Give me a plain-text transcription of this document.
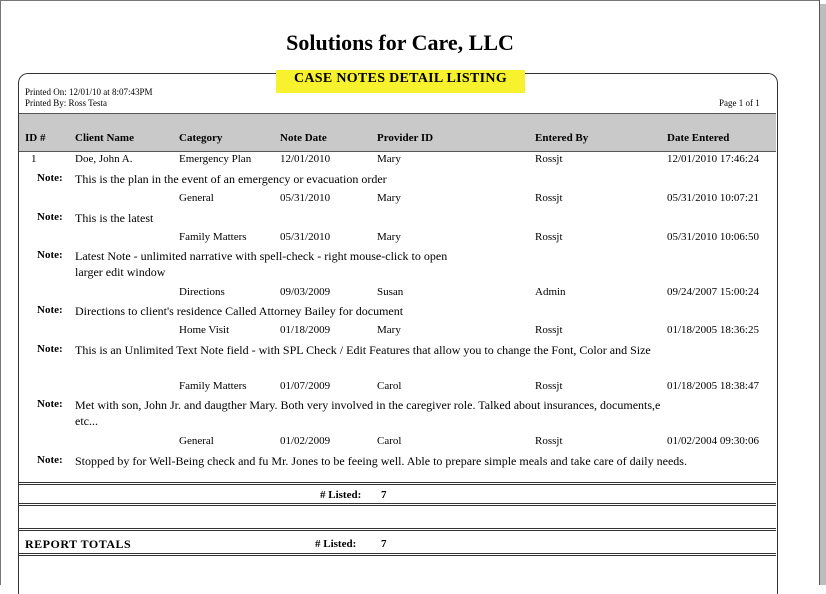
Solutions for Care, LLC
CASE NOTES DETAIL LISTING
Printed On: 12/01/10 at 8:07:43PM
Printed By: Ross Testa	Page 1 of 1
ID #	Client Name	Category	Note Date	Provider ID	Entered By	Date Entered
1	Doe, John A.	Emergency Plan	12/01/2010	Mary	Rossjt	12/01/2010 17:46:24
Note: This is the plan in the event of an emergency or evacuation order
General	05/31/2010	Mary	Rossjt	05/31/2010 10:07:21
Note: This is the latest
Family Matters	05/31/2010	Mary	Rossjt	05/31/2010 10:06:50
Note: Latest Note - unlimited narrative with spell-check - right mouse-click to open
larger edit window
Directions	09/03/2009	Susan	Admin	09/24/2007 15:00:24
Note: Directions to client's residence Called Attorney Bailey for document
Home Visit	01/18/2009	Mary	Rossjt	01/18/2005 18:36:25
Note: This is an Unlimited Text Note field - with SPL Check / Edit Features that allow you to change the Font, Color and Size
Family Matters	01/07/2009	Carol	Rossjt	01/18/2005 18:38:47
Note: Met with son, John Jr. and daugther Mary. Both very involved in the caregiver role. Talked about insurances, documents,e
etc...
General	01/02/2009	Carol	Rossjt	01/02/2004 09:30:06
Note: Stopped by for Well-Being check and fu Mr. Jones to be feeing well. Able to prepare simple meals and take care of daily needs.
# Listed: 7
REPORT TOTALS	# Listed: 7
